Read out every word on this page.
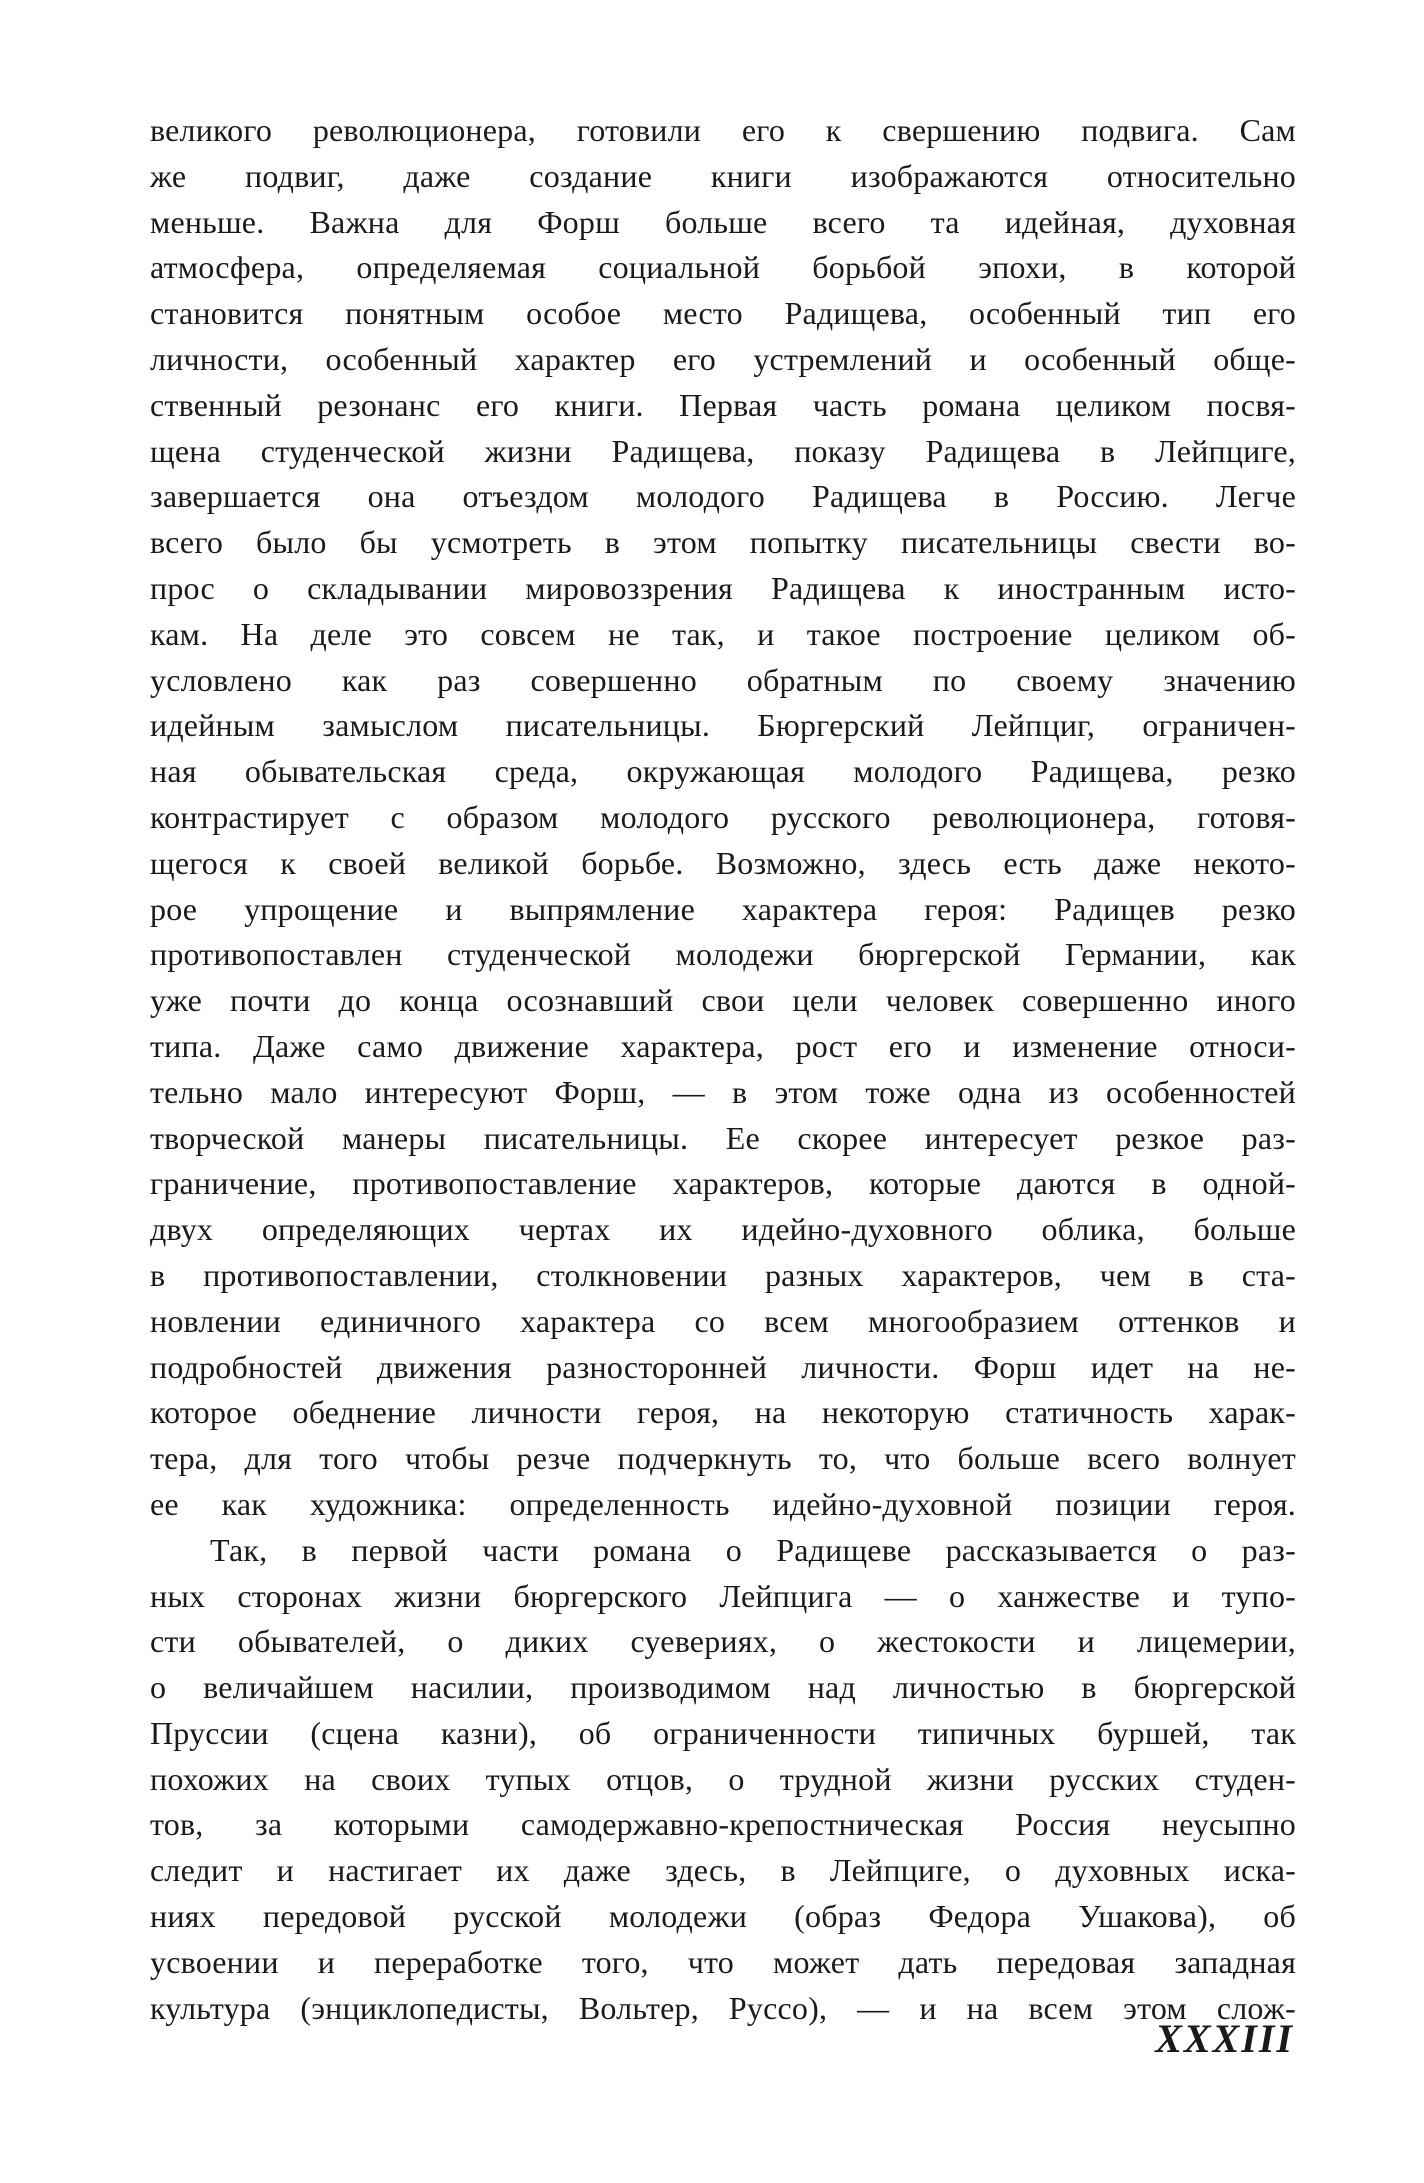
великого революционера, готовили его к свершению подвига. Сам
же подвиг, даже создание книги изображаются относительно
меньше. Важна для Форш больше всего та идейная, духовная
атмосфера, определяемая социальной борьбой эпохи, в которой
становится понятным особое место Радищева, особенный тип его
личности, особенный характер его устремлений и особенный обще-
ственный резонанс его книги. Первая часть романа целиком посвя-
щена студенческой жизни Радищева, показу Радищева в Лейпциге,
завершается она отъездом молодого Радищева в Россию. Легче
всего было бы усмотреть в этом попытку писательницы свести во-
прос о складывании мировоззрения Радищева к иностранным исто-
кам. На деле это совсем не так, и такое построение целиком об-
условлено как раз совершенно обратным по своему значению
идейным замыслом писательницы. Бюргерский Лейпциг, ограничен-
ная обывательская среда, окружающая молодого Радищева, резко
контрастирует с образом молодого русского революционера, готовя-
щегося к своей великой борьбе. Возможно, здесь есть даже некото-
рое упрощение и выпрямление характера героя: Радищев резко
противопоставлен студенческой молодежи бюргерской Германии, как
уже почти до конца осознавший свои цели человек совершенно иного
типа. Даже само движение характера, рост его и изменение относи-
тельно мало интересуют Форш, — в этом тоже одна из особенностей
творческой манеры писательницы. Ее скорее интересует резкое раз-
граничение, противопоставление характеров, которые даются в одной-
двух определяющих чертах их идейно-духовного облика, больше
в противопоставлении, столкновении разных характеров, чем в ста-
новлении единичного характера со всем многообразием оттенков и
подробностей движения разносторонней личности. Форш идет на не-
которое обеднение личности героя, на некоторую статичность харак-
тера, для того чтобы резче подчеркнуть то, что больше всего волнует
ее как художника: определенность идейно-духовной позиции героя.
Так, в первой части романа о Радищеве рассказывается о раз-
ных сторонах жизни бюргерского Лейпцига — о ханжестве и тупо-
сти обывателей, о диких суевериях, о жестокости и лицемерии,
о величайшем насилии, производимом над личностью в бюргерской
Пруссии (сцена казни), об ограниченности типичных буршей, так
похожих на своих тупых отцов, о трудной жизни русских студен-
тов, за которыми самодержавно-крепостническая Россия неусыпно
следит и настигает их даже здесь, в Лейпциге, о духовных иска-
ниях передовой русской молодежи (образ Федора Ушакова), об
усвоении и переработке того, что может дать передовая западная
культура (энциклопедисты, Вольтер, Руссо), — и на всем этом слож-
XXXIII
